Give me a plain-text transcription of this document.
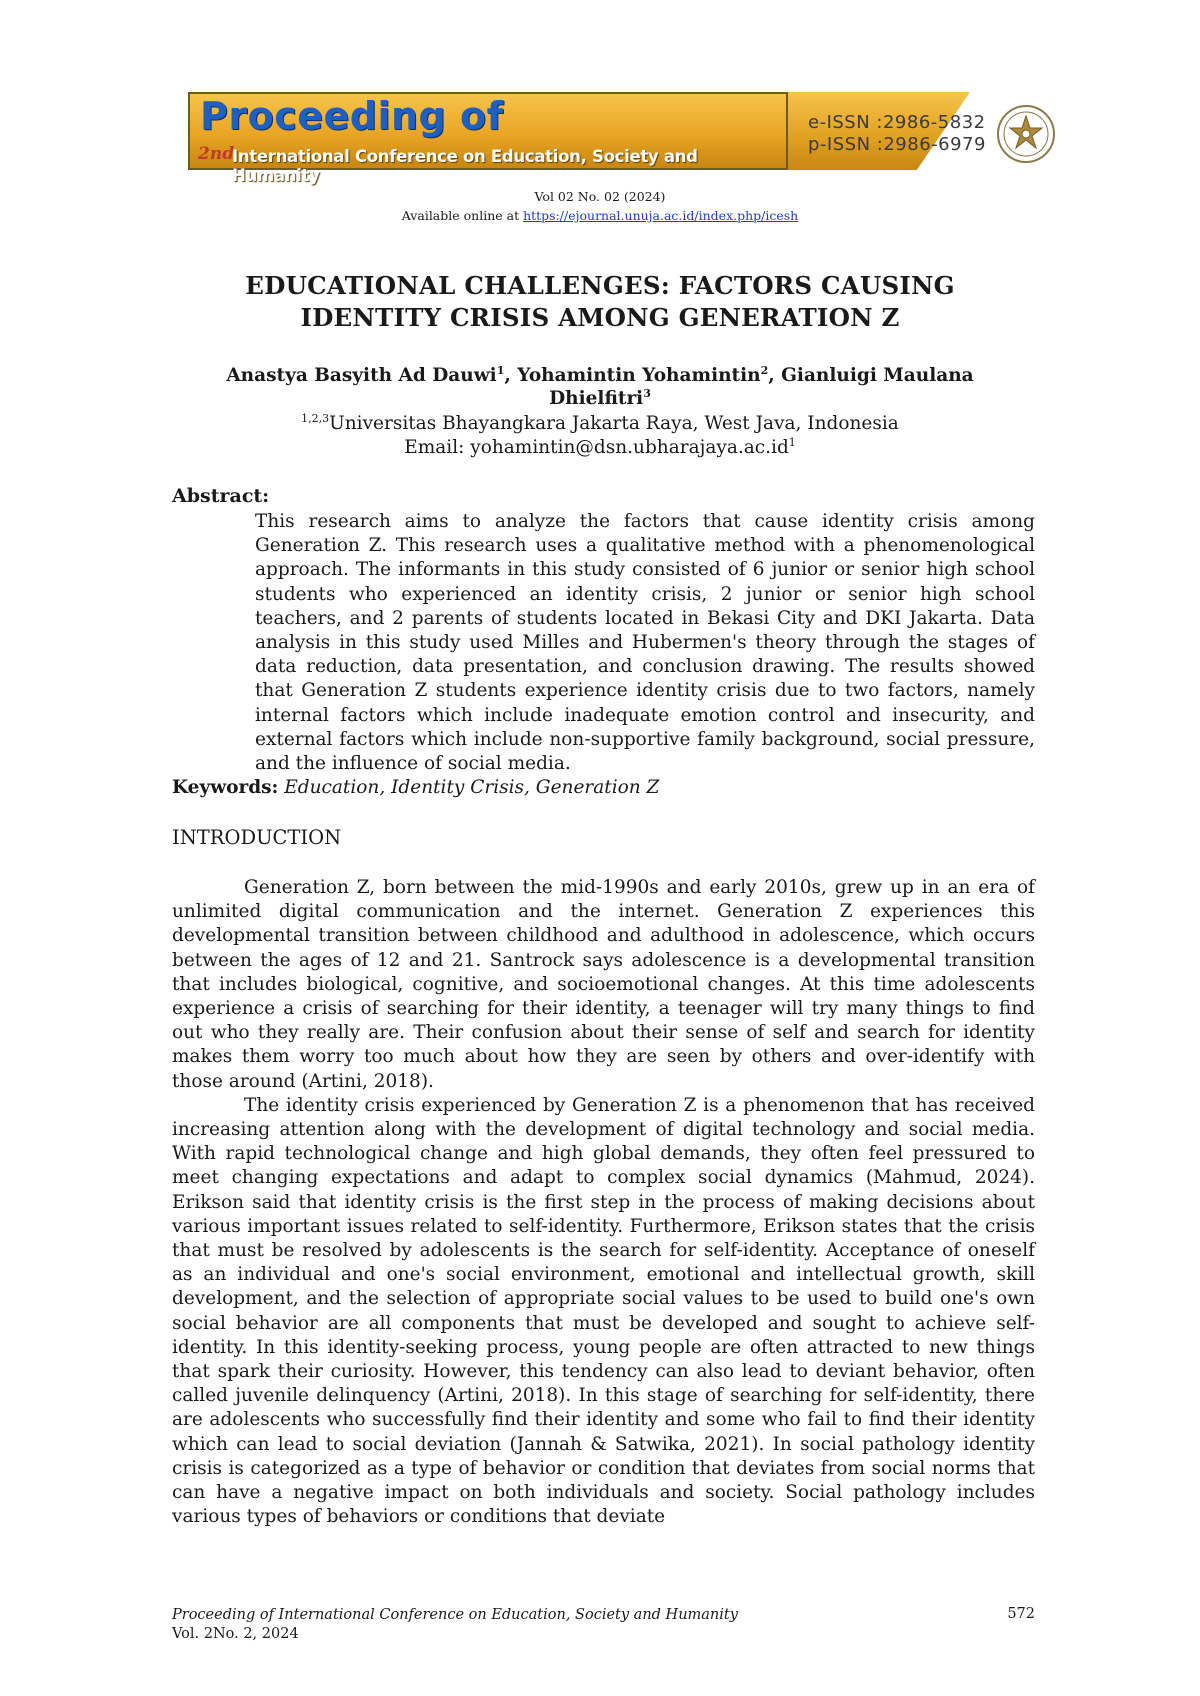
Proceeding of
2nd
International Conference on Education, Society and Humanity
e-ISSN :2986-5832
p-ISSN :2986-6979
Vol 02 No. 02 (2024)
Available online at https://ejournal.unuja.ac.id/index.php/icesh
EDUCATIONAL CHALLENGES: FACTORS CAUSING
IDENTITY CRISIS AMONG GENERATION Z
Anastya Basyith Ad Dauwi$^1$, Yohamintin Yohamintin$^2$, Gianluigi Maulana
Dhielfitri$^3$
$^{1,2,3}$Universitas Bhayangkara Jakarta Raya, West Java, Indonesia
Email: $yohamintin@dsn.ubharajaya.ac.id^1$
Abstract:

This research aims to analyze the factors that cause identity crisis among Generation Z. This research uses a qualitative method with a phenomenological approach. The informants in this study consisted of 6 junior or senior high school students who experienced an identity crisis, 2 junior or senior high school teachers, and 2 parents of students located in Bekasi City and DKI Jakarta. Data analysis in this study used Milles and Hubermen's theory through the stages of data reduction, data presentation, and conclusion drawing. The results showed that Generation Z students experience identity crisis due to two factors, namely internal factors which include inadequate emotion control and insecurity, and external factors which include non-supportive family background, social pressure, and the influence of social media.

Keywords: Education, Identity Crisis, Generation Z
INTRODUCTION

Generation Z, born between the mid-1990s and early 2010s, grew up in an era of unlimited digital communication and the internet. Generation Z experiences this developmental transition between childhood and adulthood in adolescence, which occurs between the ages of 12 and 21. Santrock says adolescence is a developmental transition that includes biological, cognitive, and socioemotional changes. At this time adolescents experience a crisis of searching for their identity, a teenager will try many things to find out who they really are. Their confusion about their sense of self and search for identity makes them worry too much about how they are seen by others and over-identify with those around (Artini, 2018).

The identity crisis experienced by Generation Z is a phenomenon that has received increasing attention along with the development of digital technology and social media. With rapid technological change and high global demands, they often feel pressured to meet changing expectations and adapt to complex social dynamics (Mahmud, 2024). Erikson said that identity crisis is the first step in the process of making decisions about various important issues related to self-identity. Furthermore, Erikson states that the crisis that must be resolved by adolescents is the search for self-identity. Acceptance of oneself as an individual and one's social environment, emotional and intellectual growth, skill development, and the selection of appropriate social values to be used to build one's own social behavior are all components that must be developed and sought to achieve self-identity. In this identity-seeking process, young people are often attracted to new things that spark their curiosity. However, this tendency can also lead to deviant behavior, often called juvenile delinquency (Artini, 2018). In this stage of searching for self-identity, there are adolescents who successfully find their identity and some who fail to find their identity which can lead to social deviation (Jannah & Satwika, 2021). In social pathology identity crisis is categorized as a type of behavior or condition that deviates from social norms that can have a negative impact on both individuals and society. Social pathology includes various types of behaviors or conditions that deviate

Proceeding of International Conference on Education, Society and Humanity
Vol. 2No. 2, 2024
572
